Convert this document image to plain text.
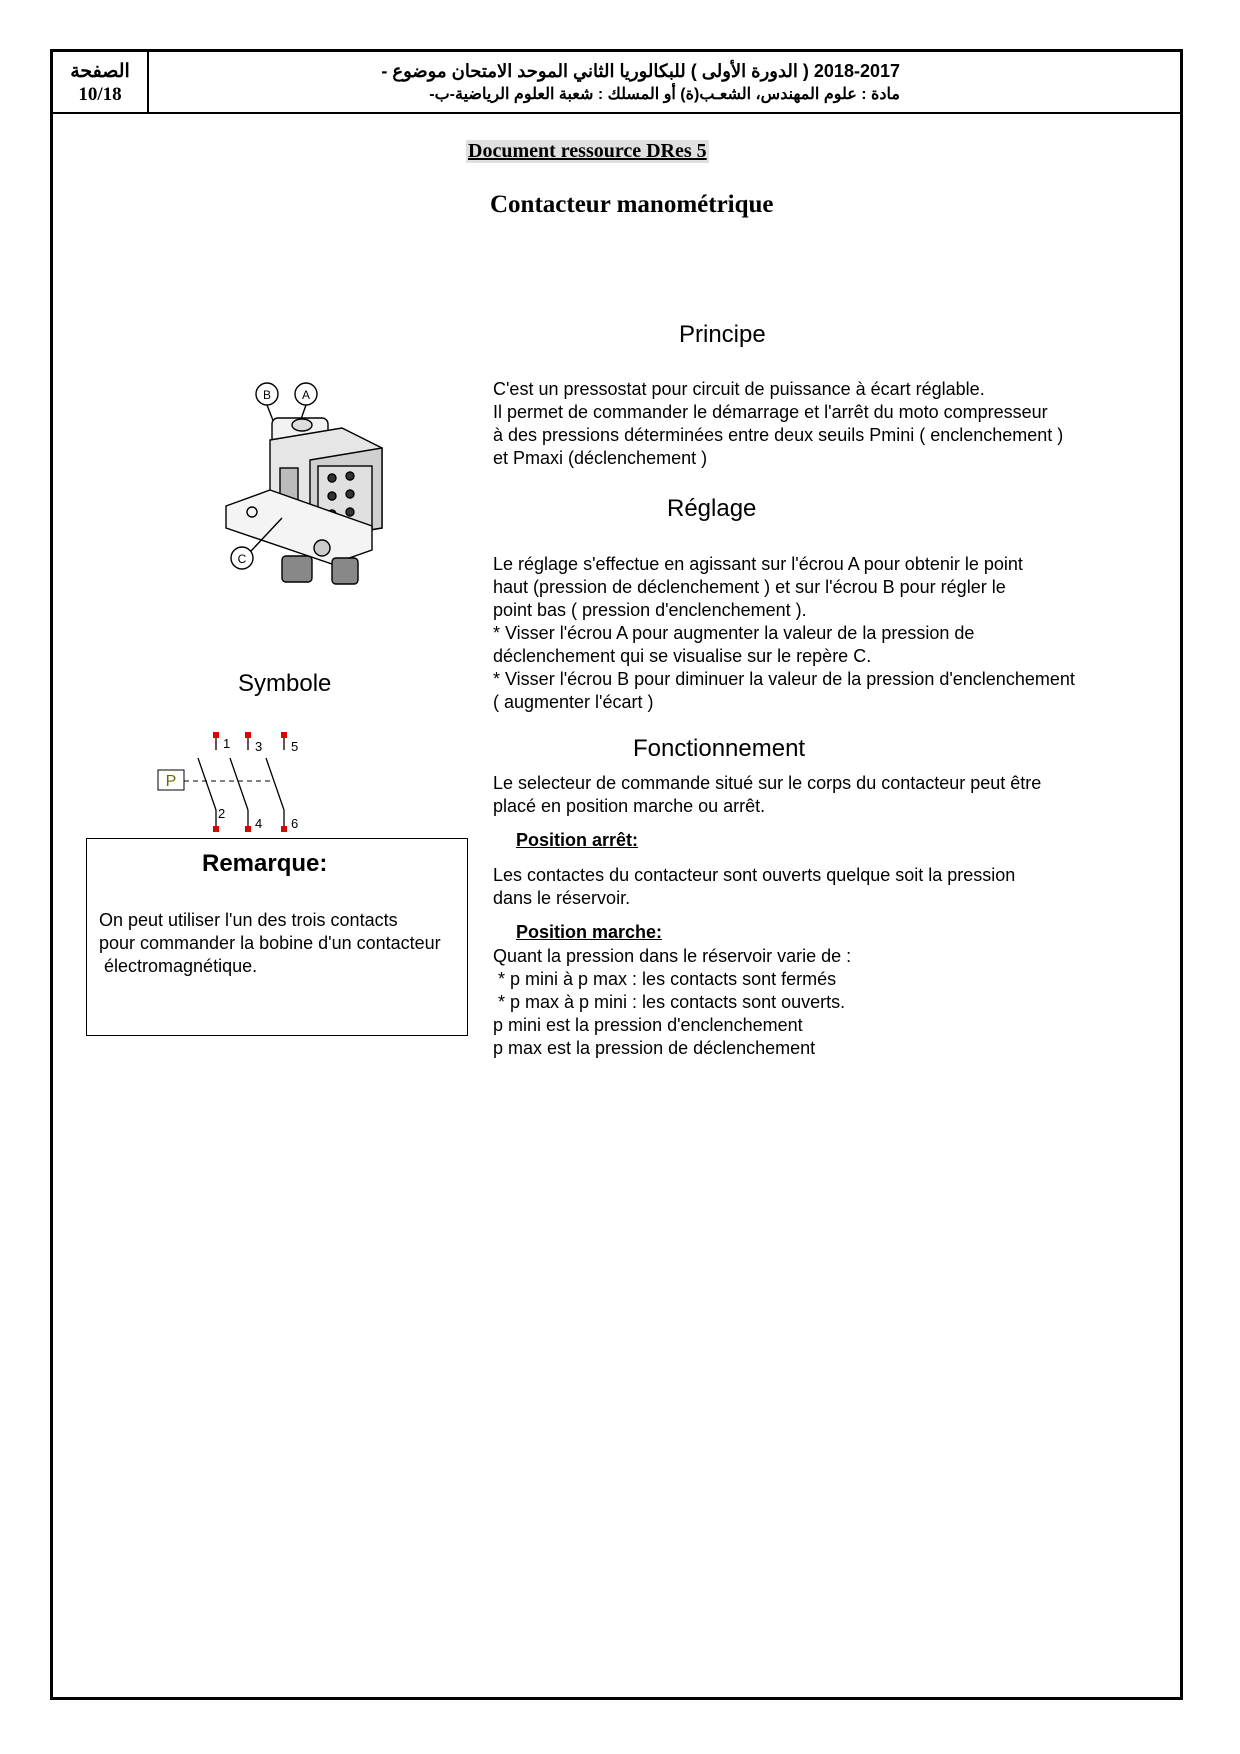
الصفحة
10/18
2018-2017 ( الدورة الأولى ) للبكالوريا الثاني الموحد الامتحان موضوع -
مادة : علوم المهندس، الشعـب(ة) أو المسلك : شعبة العلوم الرياضية-ب-
Document ressource DRes 5
Contacteur manométrique
B	A
C
Symbole
P
1 3 5
2
4 6
Remarque:
On peut utiliser l'un des trois contacts
pour commander la bobine d'un contacteur
électromagnétique.
Principe
C'est un pressostat pour circuit de puissance à écart réglable.
Il permet de commander le démarrage et l'arrêt du moto compresseur
à des pressions déterminées entre deux seuils Pmini ( enclenchement )
et Pmaxi (déclenchement )
Réglage
Le réglage s'effectue en agissant sur l'écrou A pour obtenir le point
haut (pression de déclenchement ) et sur l'écrou B pour régler le
point bas ( pression d'enclenchement ).
* Visser l'écrou A pour augmenter la valeur de la pression de
déclenchement qui se visualise sur le repère C.
* Visser l'écrou B pour diminuer la valeur de la pression d'enclenchement
( augmenter l'écart )
Fonctionnement
Le selecteur de commande situé sur le corps du contacteur peut être
placé en position marche ou arrêt.
Position arrêt:
Les contactes du contacteur sont ouverts quelque soit la pression
dans le réservoir.
Position marche:
Quant la pression dans le réservoir varie de :
* p mini à p max : les contacts sont fermés
* p max à p mini : les contacts sont ouverts.
p mini est la pression d'enclenchement
p max est la pression de déclenchement
